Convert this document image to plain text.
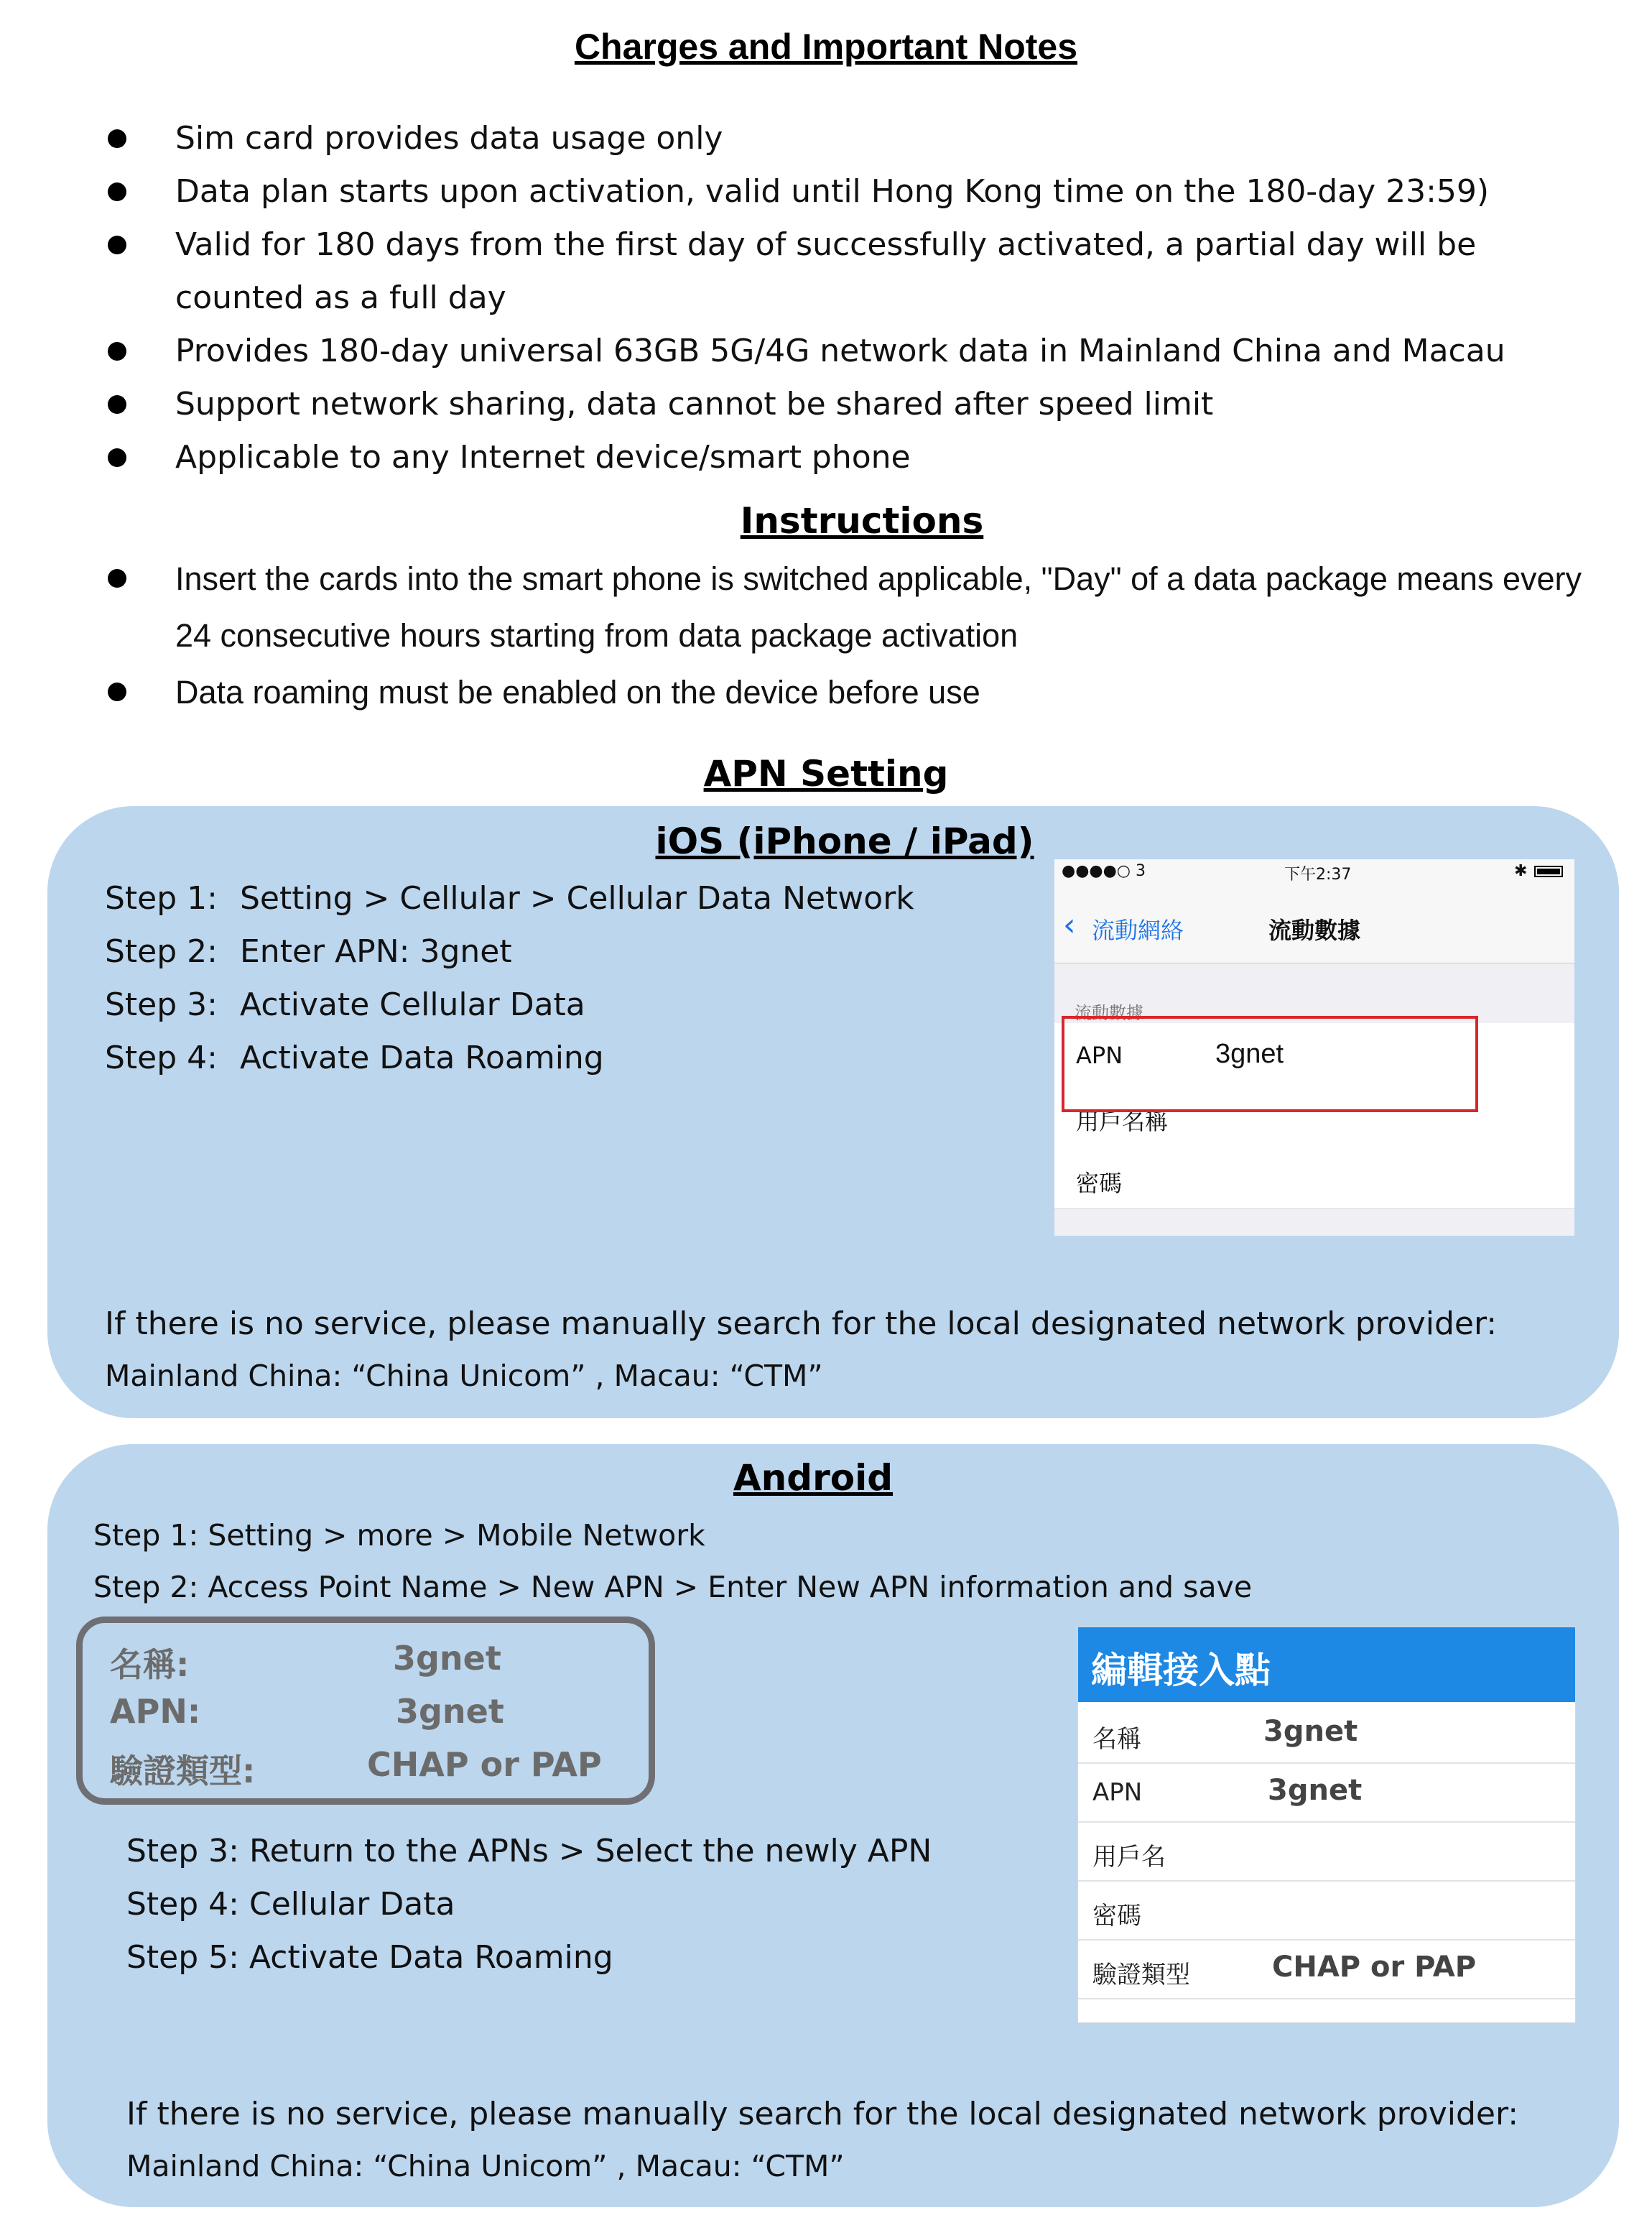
Charges and Important Notes
Sim card provides data usage only
Data plan starts upon activation, valid until Hong Kong time on the 180-day 23:59)
Valid for 180 days from the first day of successfully activated, a partial day will be counted as a full day
Provides 180-day universal 63GB 5G/4G network data in Mainland China and Macau
Support network sharing, data cannot be shared after speed limit
Applicable to any Internet device/smart phone
Instructions
Insert the cards into the smart phone is switched applicable, "Day" of a data package means every 24 consecutive hours starting from data package activation
Data roaming must be enabled on the device before use
APN Setting
iOS (iPhone / iPad)
Step 1: Setting > Cellular > Cellular Data Network
Step 2: Enter APN: 3gnet
Step 3: Activate Cellular Data
Step 4: Activate Data Roaming
●●●●○ 3	下午2:37	✱
‹ 流動網絡	流動數據
流動數據
APN	3gnet
用戶名稱
密碼
If there is no service, please manually search for the local designated network provider:
Mainland China: “China Unicom” , Macau: “CTM”
Android
Step 1: Setting > more > Mobile Network
Step 2: Access Point Name > New APN > Enter New APN information and save
名稱:	3gnet
APN:	3gnet
驗證類型:	CHAP or PAP
Step 3: Return to the APNs > Select the newly APN
Step 4: Cellular Data
Step 5: Activate Data Roaming
編輯接入點
名稱	3gnet
APN	3gnet
用戶名
密碼
驗證類型	CHAP or PAP
If there is no service, please manually search for the local designated network provider:
Mainland China: “China Unicom” , Macau: “CTM”
